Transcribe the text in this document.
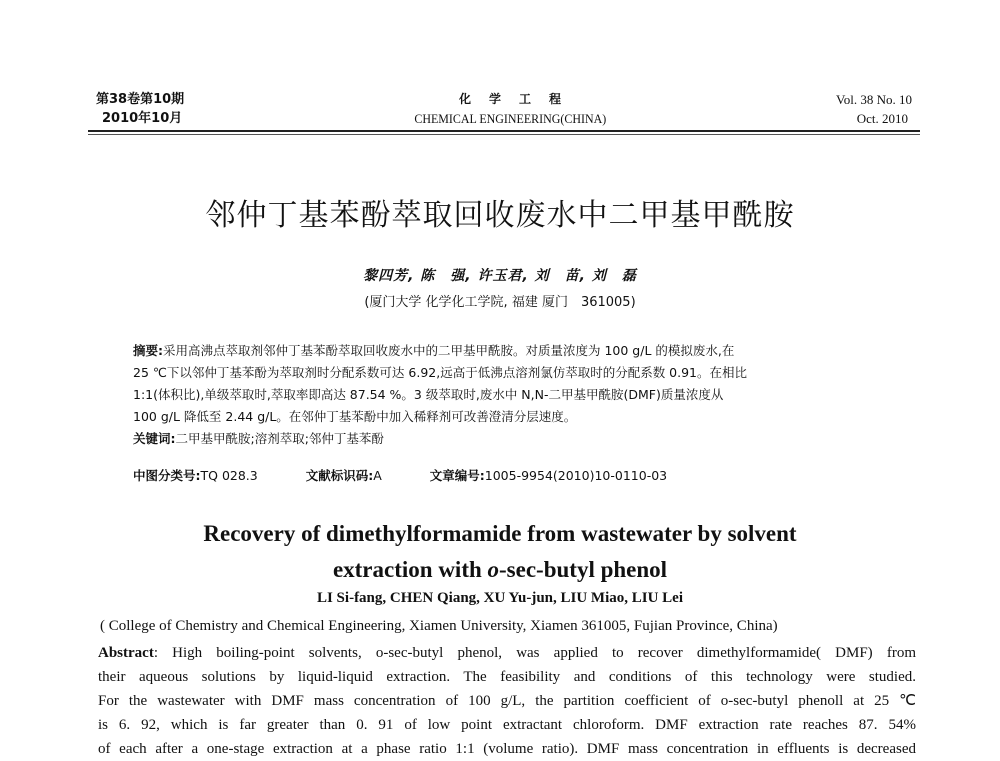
第38卷第10期
2010年10月
化学工程
CHEMICAL ENGINEERING(CHINA)
Vol. 38 No. 10
Oct. 2010
邻仲丁基苯酚萃取回收废水中二甲基甲酰胺
黎四芳, 陈　强, 许玉君, 刘　苗, 刘　磊
(厦门大学 化学化工学院, 福建 厦门　361005)
摘要:采用高沸点萃取剂邻仲丁基苯酚萃取回收废水中的二甲基甲酰胺。对质量浓度为 100 g/L 的模拟废水,在
25 ℃下以邻仲丁基苯酚为萃取剂时分配系数可达 6.92,远高于低沸点溶剂氯仿萃取时的分配系数 0.91。在相比
1:1(体积比),单级萃取时,萃取率即高达 87.54 %。3 级萃取时,废水中 N,N-二甲基甲酰胺(DMF)质量浓度从
100 g/L 降低至 2.44 g/L。在邻仲丁基苯酚中加入稀释剂可改善澄清分层速度。
关键词:二甲基甲酰胺;溶剂萃取;邻仲丁基苯酚
中图分类号:TQ 028.3	文献标识码:A	文章编号:1005-9954(2010)10-0110-03
Recovery of dimethylformamide from wastewater by solvent
extraction with o-sec-butyl phenol
LI Si-fang, CHEN Qiang, XU Yu-jun, LIU Miao, LIU Lei
( College of Chemistry and Chemical Engineering, Xiamen University, Xiamen 361005, Fujian Province, China)
Abstract: High boiling-point solvents, o-sec-butyl phenol, was applied to recover dimethylformamide( DMF) from
their aqueous solutions by liquid-liquid extraction. The feasibility and conditions of this technology were studied.
For the wastewater with DMF mass concentration of 100 g/L, the partition coefficient of o-sec-butyl phenoll at 25 ℃
is 6. 92, which is far greater than 0. 91 of low point extractant chloroform. DMF extraction rate reaches 87. 54%
of each after a one-stage extraction at a phase ratio 1:1 (volume ratio). DMF mass concentration in effluents is decreased
